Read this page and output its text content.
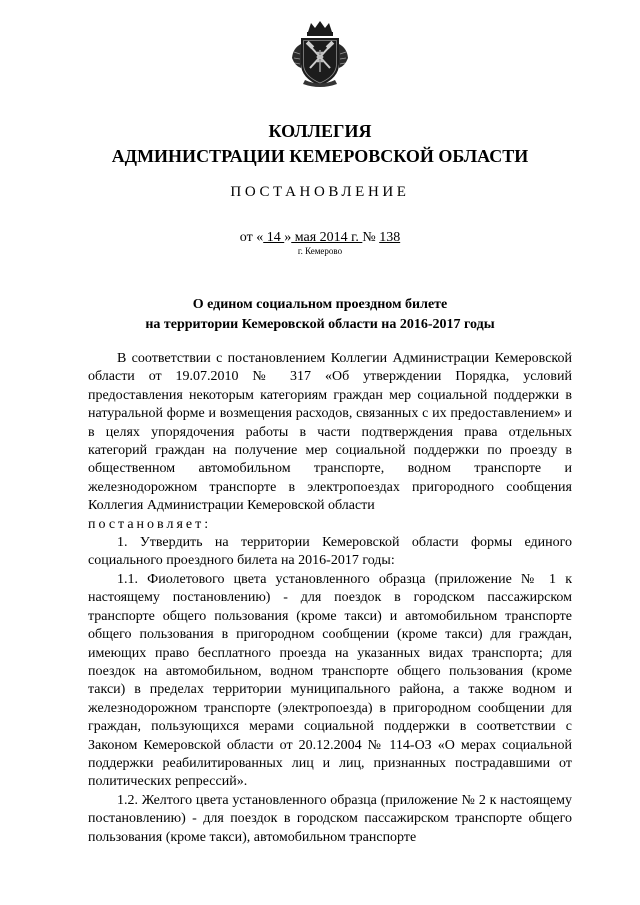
КОЛЛЕГИЯ
АДМИНИСТРАЦИИ КЕМЕРОВСКОЙ ОБЛАСТИ
ПОСТАНОВЛЕНИЕ
от « 14 » мая 2014 г. № 138
г. Кемерово
О едином социальном проездном билете
на территории Кемеровской области на 2016-2017 годы

В соответствии с постановлением Коллегии Администрации Кемеровской области от 19.07.2010 № 317 «Об утверждении Порядка, условий предоставления некоторым категориям граждан мер социальной поддержки в натуральной форме и возмещения расходов, связанных с их предоставлением» и в целях упорядочения работы в части подтверждения права отдельных категорий граждан на получение мер социальной поддержки по проезду в общественном автомобильном транспорте, водном транспорте и железнодорожном транспорте в электропоездах пригородного сообщения Коллегия Администрации Кемеровской области

постановляет:

1. Утвердить на территории Кемеровской области формы единого социального проездного билета на 2016-2017 годы:

1.1. Фиолетового цвета установленного образца (приложение № 1 к настоящему постановлению) - для поездок в городском пассажирском транспорте общего пользования (кроме такси) и автомобильном транспорте общего пользования в пригородном сообщении (кроме такси) для граждан, имеющих право бесплатного проезда на указанных видах транспорта; для поездок на автомобильном, водном транспорте общего пользования (кроме такси) в пределах территории муниципального района, а также водном и железнодорожном транспорте (электропоезда) в пригородном сообщении для граждан, пользующихся мерами социальной поддержки в соответствии с Законом Кемеровской области от 20.12.2004 № 114-ОЗ «О мерах социальной поддержки реабилитированных лиц и лиц, признанных пострадавшими от политических репрессий».

1.2. Желтого цвета установленного образца (приложение № 2 к настоящему постановлению) - для поездок в городском пассажирском транспорте общего пользования (кроме такси), автомобильном транспорте
